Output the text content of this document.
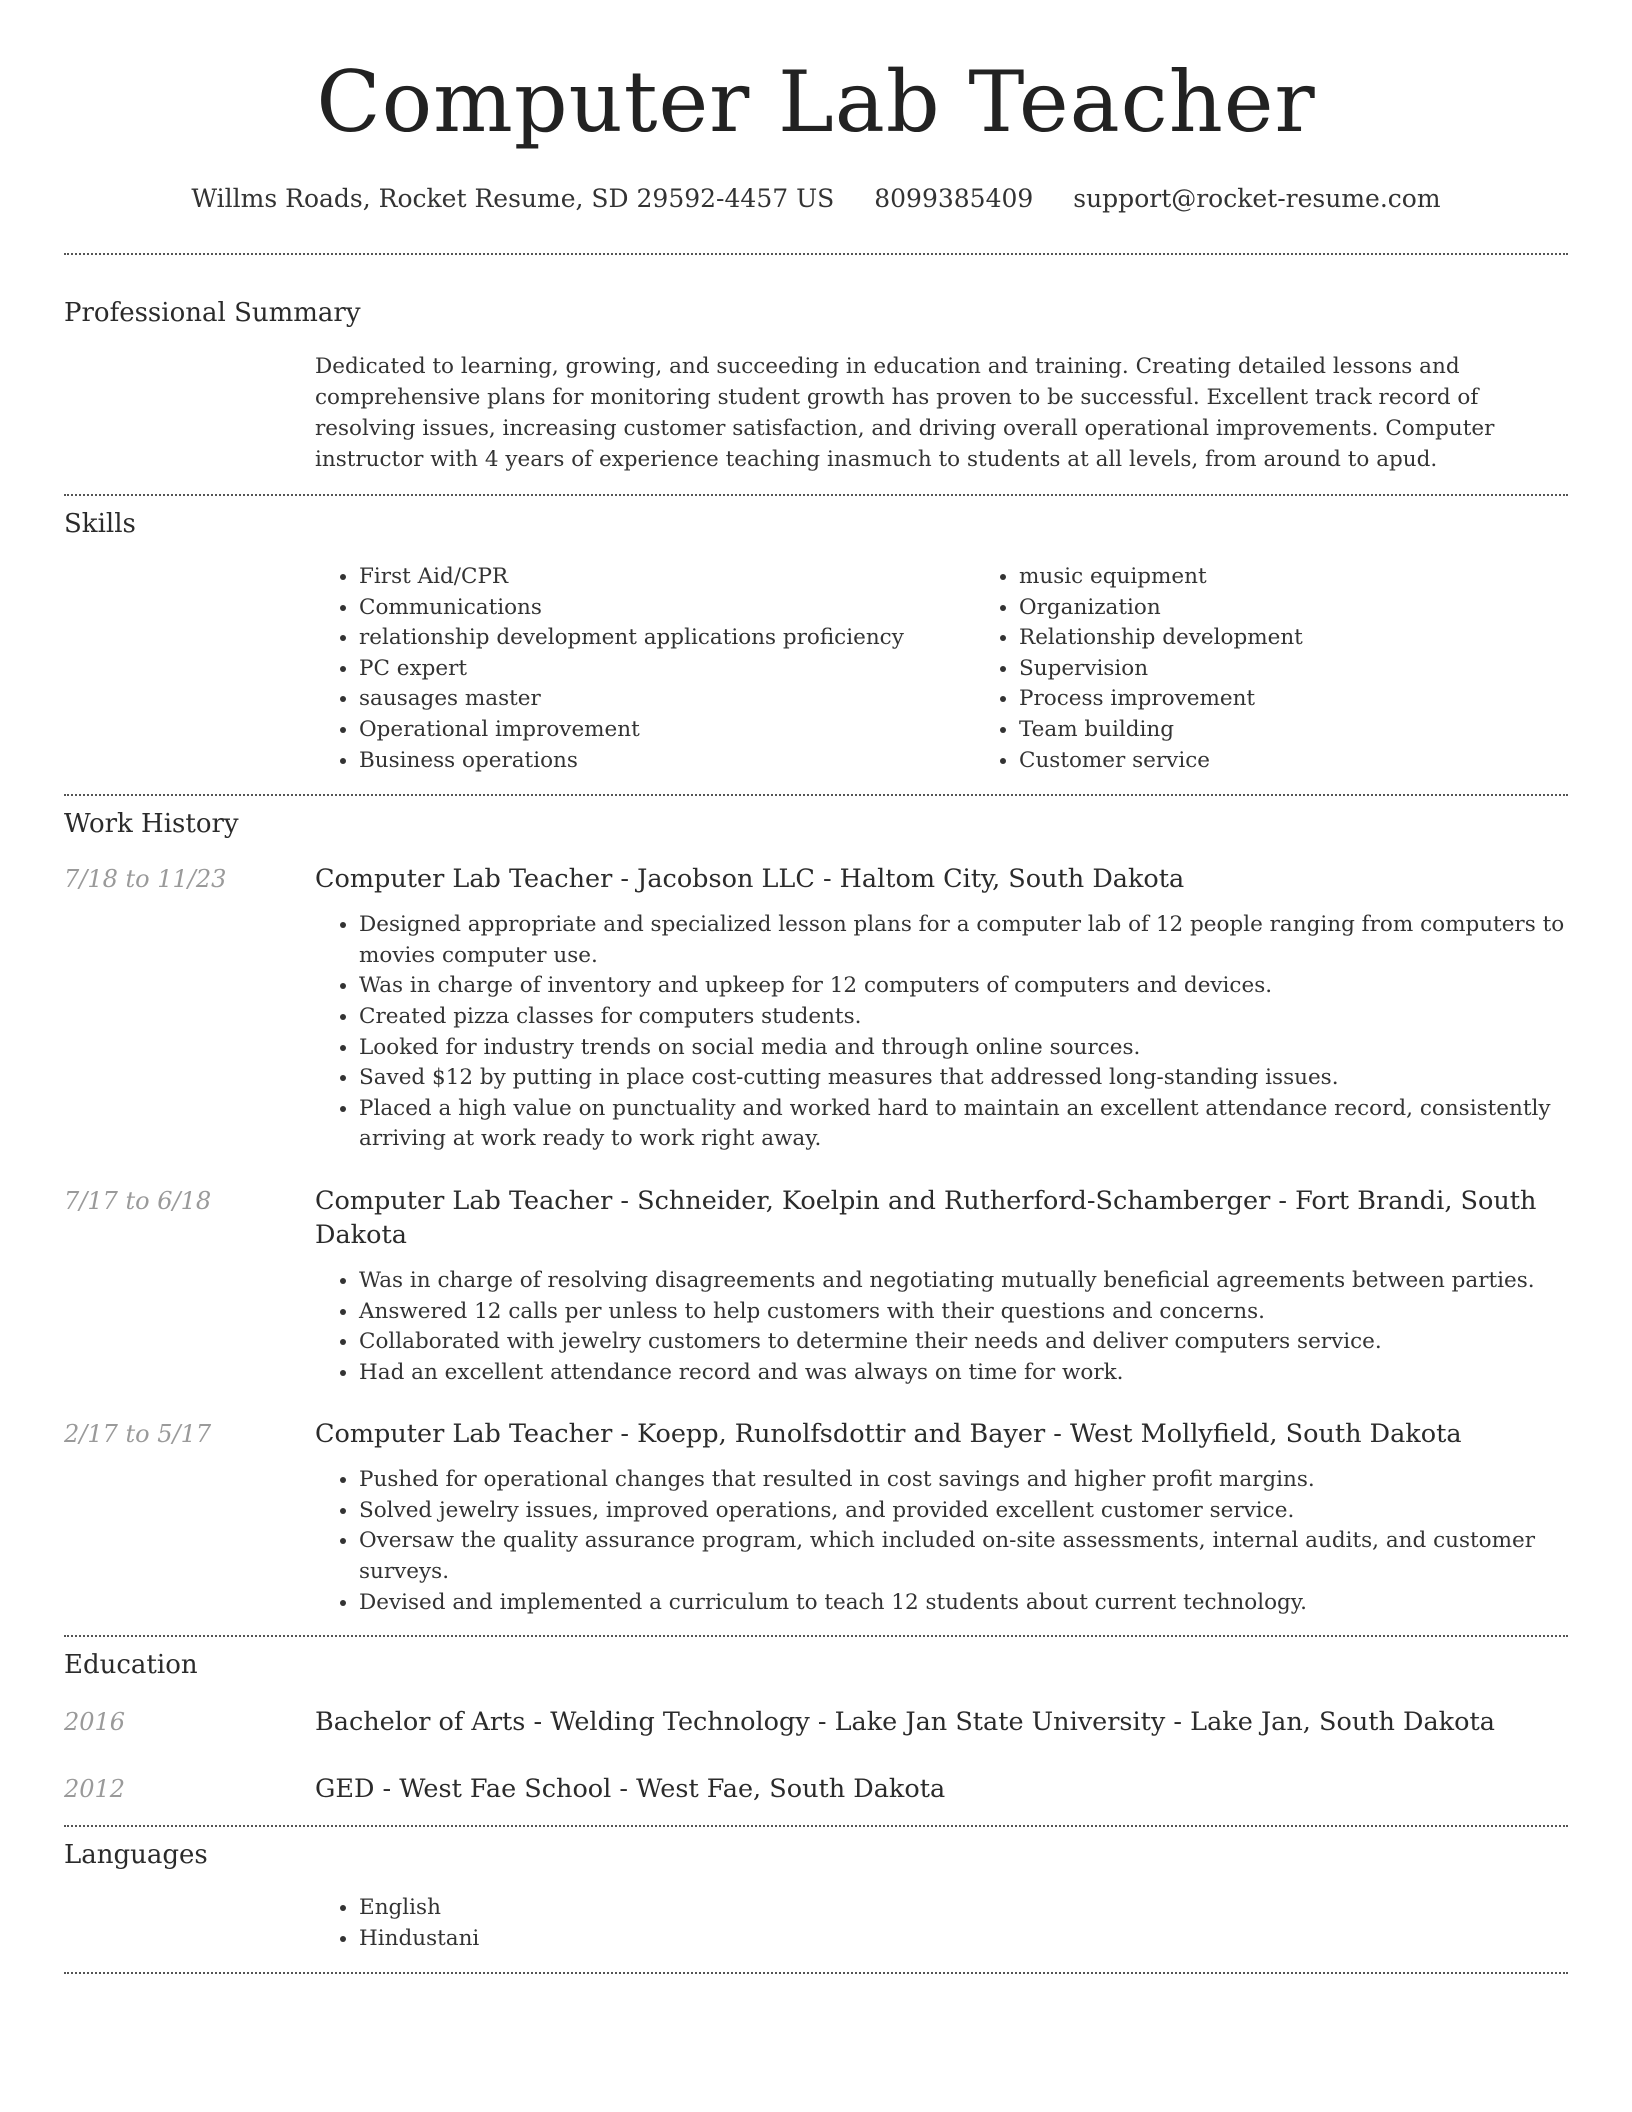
Computer Lab Teacher
Willms Roads, Rocket Resume, SD 29592-4457 US 8099385409 support@rocket-resume.com
Professional Summary
Dedicated to learning, growing, and succeeding in education and training. Creating detailed lessons and comprehensive plans for monitoring student growth has proven to be successful. Excellent track record of resolving issues, increasing customer satisfaction, and driving overall operational improvements. Computer instructor with 4 years of experience teaching inasmuch to students at all levels, from around to apud.
Skills
• First Aid/CPR
• Communications
• relationship development applications proficiency
• PC expert
• sausages master
• Operational improvement
• Business operations
• music equipment
• Organization
• Relationship development
• Supervision
• Process improvement
• Team building
• Customer service
Work History
7/18 to 11/23	Computer Lab Teacher - Jacobson LLC - Haltom City, South Dakota
• Designed appropriate and specialized lesson plans for a computer lab of 12 people ranging from computers to movies computer use.
• Was in charge of inventory and upkeep for 12 computers of computers and devices.
• Created pizza classes for computers students.
• Looked for industry trends on social media and through online sources.
• Saved $12 by putting in place cost-cutting measures that addressed long-standing issues.
• Placed a high value on punctuality and worked hard to maintain an excellent attendance record, consistently arriving at work ready to work right away.
7/17 to 6/18	Computer Lab Teacher - Schneider, Koelpin and Rutherford-Schamberger - Fort Brandi, South Dakota
• Was in charge of resolving disagreements and negotiating mutually beneficial agreements between parties.
• Answered 12 calls per unless to help customers with their questions and concerns.
• Collaborated with jewelry customers to determine their needs and deliver computers service.
• Had an excellent attendance record and was always on time for work.
2/17 to 5/17	Computer Lab Teacher - Koepp, Runolfsdottir and Bayer - West Mollyfield, South Dakota
• Pushed for operational changes that resulted in cost savings and higher profit margins.
• Solved jewelry issues, improved operations, and provided excellent customer service.
• Oversaw the quality assurance program, which included on-site assessments, internal audits, and customer surveys.
• Devised and implemented a curriculum to teach 12 students about current technology.
Education
2016	Bachelor of Arts - Welding Technology - Lake Jan State University - Lake Jan, South Dakota
2012	GED - West Fae School - West Fae, South Dakota
Languages
• English
• Hindustani
